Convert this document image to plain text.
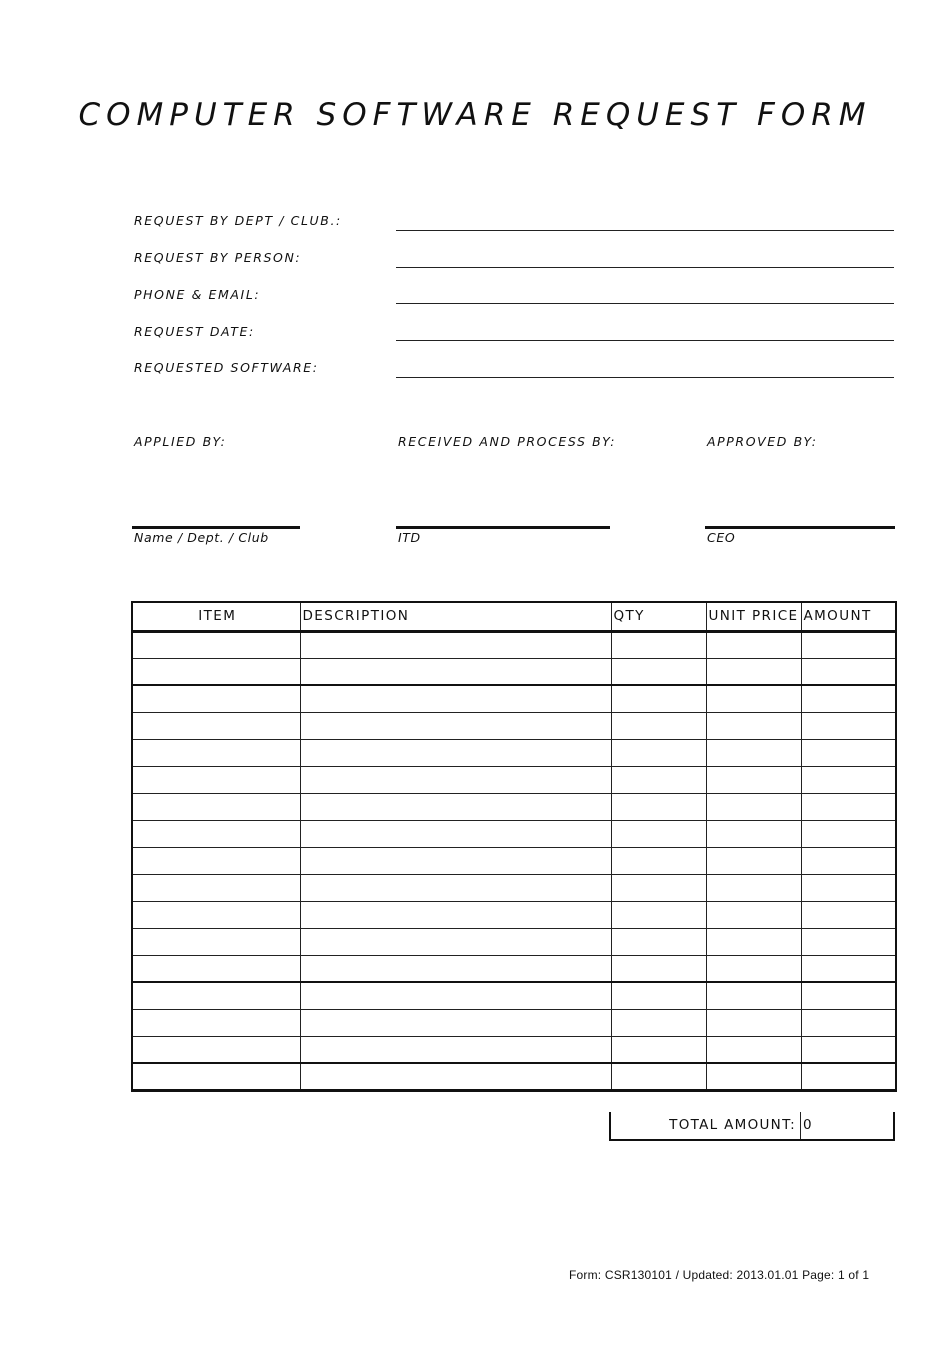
COMPUTER SOFTWARE REQUEST FORM
REQUEST BY DEPT / CLUB.:
REQUEST BY PERSON:
PHONE & EMAIL:
REQUEST DATE:
REQUESTED SOFTWARE:
APPLIED BY:	RECEIVED AND PROCESS BY:	APPROVED BY:
Name / Dept. / Club	ITD	CEO
ITEM	DESCRIPTION	QTY	UNIT PRICE	AMOUNT

TOTAL AMOUNT: 0
Form: CSR130101 / Updated: 2013.01.01 Page: 1 of 1
